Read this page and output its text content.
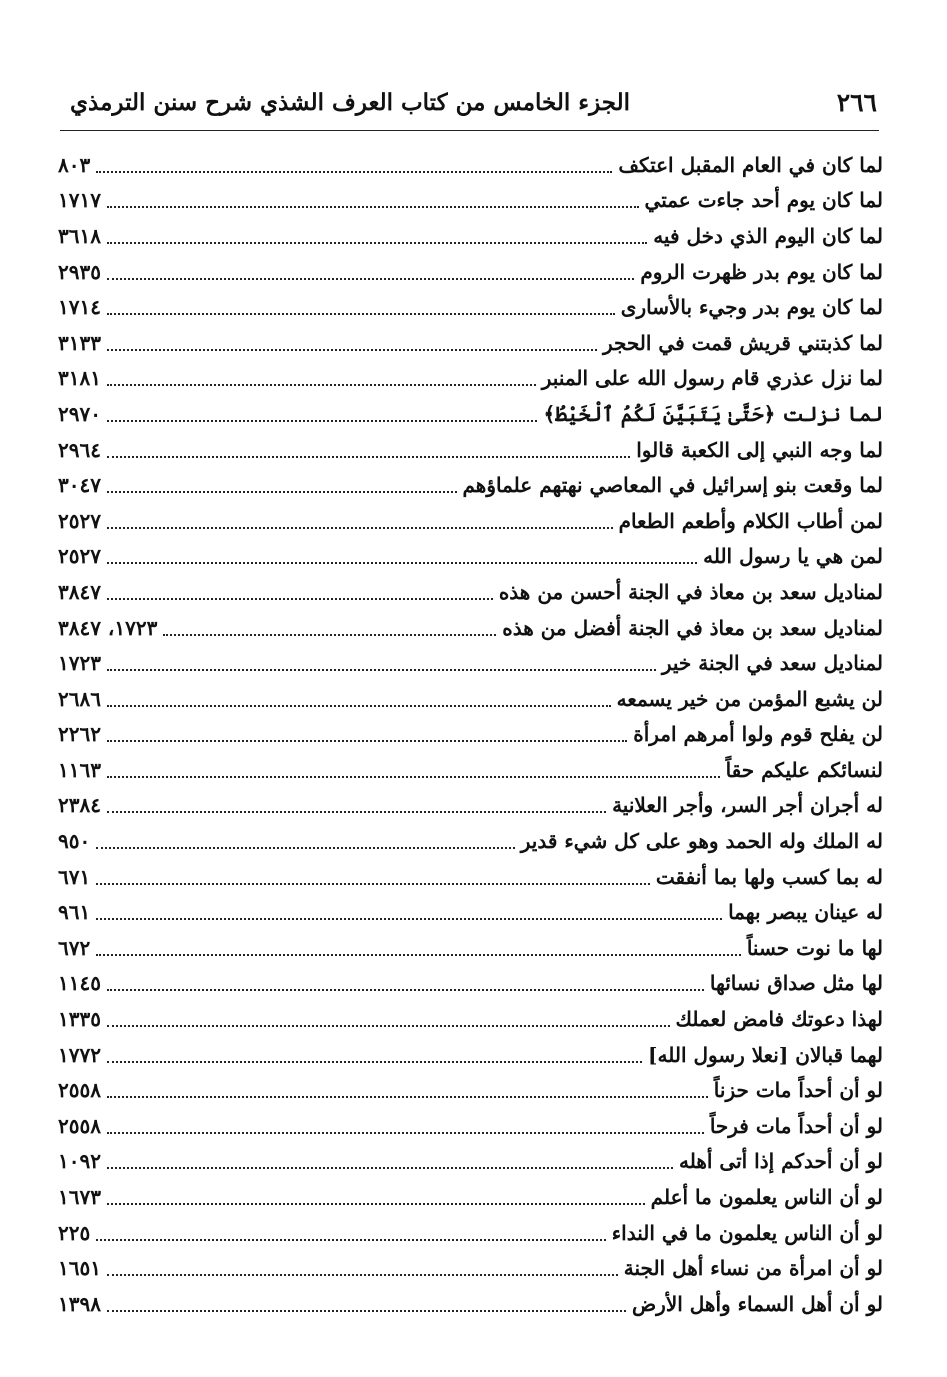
٢٦٦
الجزء الخامس من كتاب العرف الشذي شرح سنن الترمذي
لما كان في العام المقبل اعتكف
٨٠٣
لما كان يوم أحد جاءت عمتي
١٧١٧
لما كان اليوم الذي دخل فيه
٣٦١٨
لما كان يوم بدر ظهرت الروم
٢٩٣٥
لما كان يوم بدر وجيء بالأسارى
١٧١٤
لما كذبتني قريش قمت في الحجر
٣١٣٣
لما نزل عذري قام رسول الله على المنبر
٣١٨١
لما نزلت ﴿حَتَّىٰ يَتَبَيَّنَ لَكُمُ ٱلْخَيْطُ﴾
٢٩٧٠
لما وجه النبي إلى الكعبة قالوا
٢٩٦٤
لما وقعت بنو إسرائيل في المعاصي نهتهم علماؤهم
٣٠٤٧
لمن أطاب الكلام وأطعم الطعام
٢٥٢٧
لمن هي يا رسول الله
٢٥٢٧
لمناديل سعد بن معاذ في الجنة أحسن من هذه
٣٨٤٧
لمناديل سعد بن معاذ في الجنة أفضل من هذه
١٧٢٣، ٣٨٤٧
لمناديل سعد في الجنة خير
١٧٢٣
لن يشبع المؤمن من خير يسمعه
٢٦٨٦
لن يفلح قوم ولوا أمرهم امرأة
٢٢٦٢
لنسائكم عليكم حقاً
١١٦٣
له أجران أجر السر، وأجر العلانية
٢٣٨٤
له الملك وله الحمد وهو على كل شيء قدير
٩٥٠
له بما كسب ولها بما أنفقت
٦٧١
له عينان يبصر بهما
٩٦١
لها ما نوت حسناً
٦٧٢
لها مثل صداق نسائها
١١٤٥
لهذا دعوتك فامض لعملك
١٣٣٥
لهما قبالان [نعلا رسول الله]
١٧٧٢
لو أن أحداً مات حزناً
٢٥٥٨
لو أن أحداً مات فرحاً
٢٥٥٨
لو أن أحدكم إذا أتى أهله
١٠٩٢
لو أن الناس يعلمون ما أعلم
١٦٧٣
لو أن الناس يعلمون ما في النداء
٢٢٥
لو أن امرأة من نساء أهل الجنة
١٦٥١
لو أن أهل السماء وأهل الأرض
١٣٩٨
